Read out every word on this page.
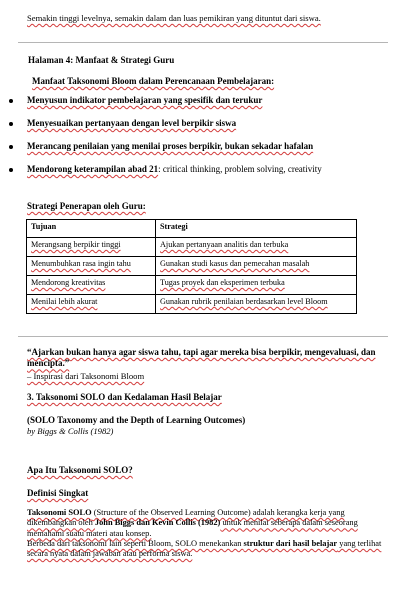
Semakin tinggi levelnya, semakin dalam dan luas pemikiran yang dituntut dari siswa.
Halaman 4: Manfaat & Strategi Guru
Manfaat Taksonomi Bloom dalam Perencanaan Pembelajaran:
Menyusun indikator pembelajaran yang spesifik dan terukur
Menyesuaikan pertanyaan dengan level berpikir siswa
Merancang penilaian yang menilai proses berpikir, bukan sekadar hafalan
Mendorong keterampilan abad 21: critical thinking, problem solving, creativity
Strategi Penerapan oleh Guru:
Tujuan	Strategi
Merangsang berpikir tinggi	Ajukan pertanyaan analitis dan terbuka
Menumbuhkan rasa ingin tahu	Gunakan studi kasus dan pemecahan masalah
Mendorong kreativitas	Tugas proyek dan eksperimen terbuka
Menilai lebih akurat	Gunakan rubrik penilaian berdasarkan level Bloom
“Ajarkan bukan hanya agar siswa tahu, tapi agar mereka bisa berpikir, mengevaluasi, dan mencipta.”
– Inspirasi dari Taksonomi Bloom
3. Taksonomi SOLO dan Kedalaman Hasil Belajar
(SOLO Taxonomy and the Depth of Learning Outcomes)
by Biggs & Collis (1982)
Apa Itu Taksonomi SOLO?
Definisi Singkat
Taksonomi SOLO (Structure of the Observed Learning Outcome) adalah kerangka kerja yang dikembangkan oleh John Biggs dan Kevin Collis (1982) untuk menilai seberapa dalam seseorang memahami suatu materi atau konsep.
Berbeda dari taksonomi lain seperti Bloom, SOLO menekankan struktur dari hasil belajar yang terlihat secara nyata dalam jawaban atau performa siswa.
